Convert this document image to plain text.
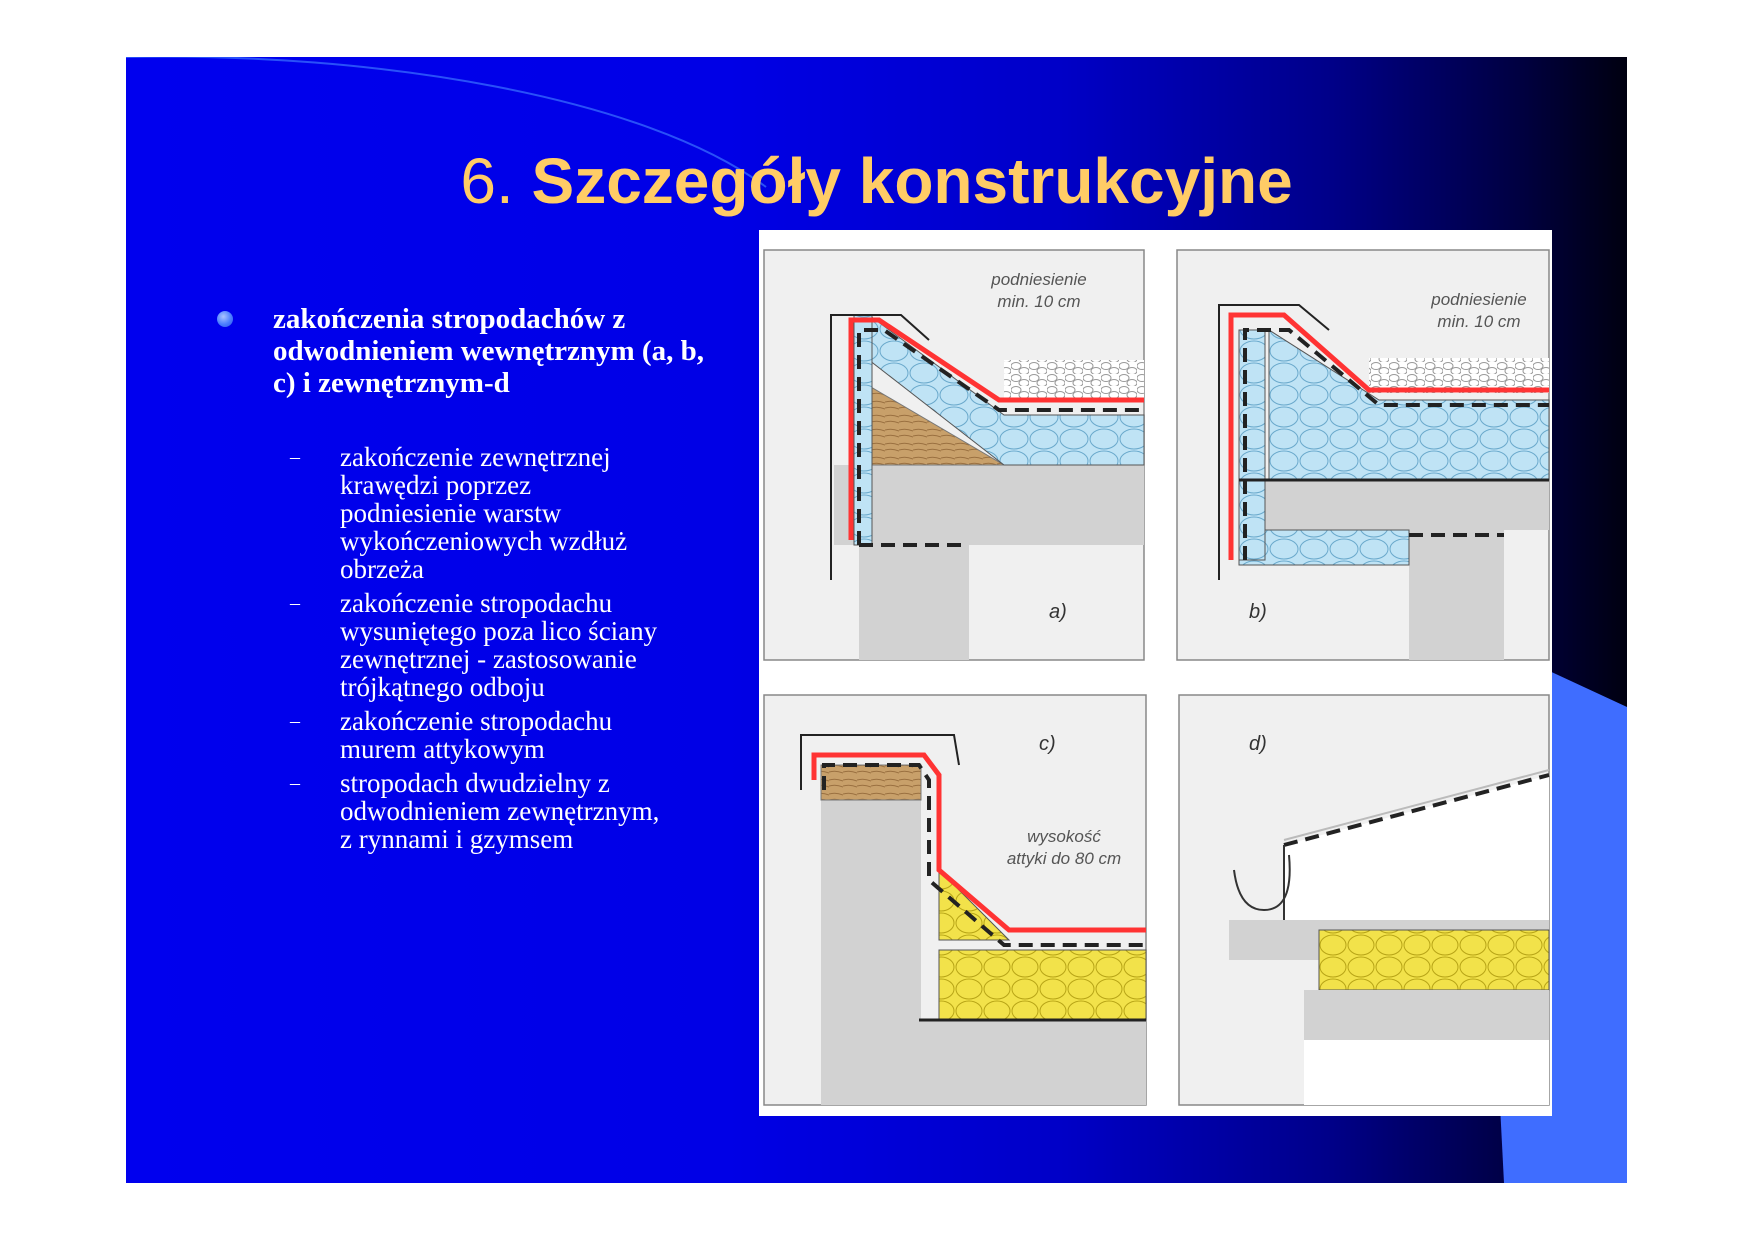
6. Szczegóły konstrukcyjne
zakończenia stropodachów z odwodnieniem wewnętrznym (a, b, c) i zewnętrznym-d
– zakończenie zewnętrznej krawędzi poprzez podniesienie warstw wykończeniowych wzdłuż obrzeża
– zakończenie stropodachu wysuniętego poza lico ściany zewnętrznej - zastosowanie trójkątnego odboju
– zakończenie stropodachu murem attykowym
– stropodach dwudzielny z odwodnieniem zewnętrznym, z rynnami i gzymsem
podniesienie
min. 10 cm
a)
podniesienie
min. 10 cm
b)
wysokość
attyki do 80 cm
c)	d)
